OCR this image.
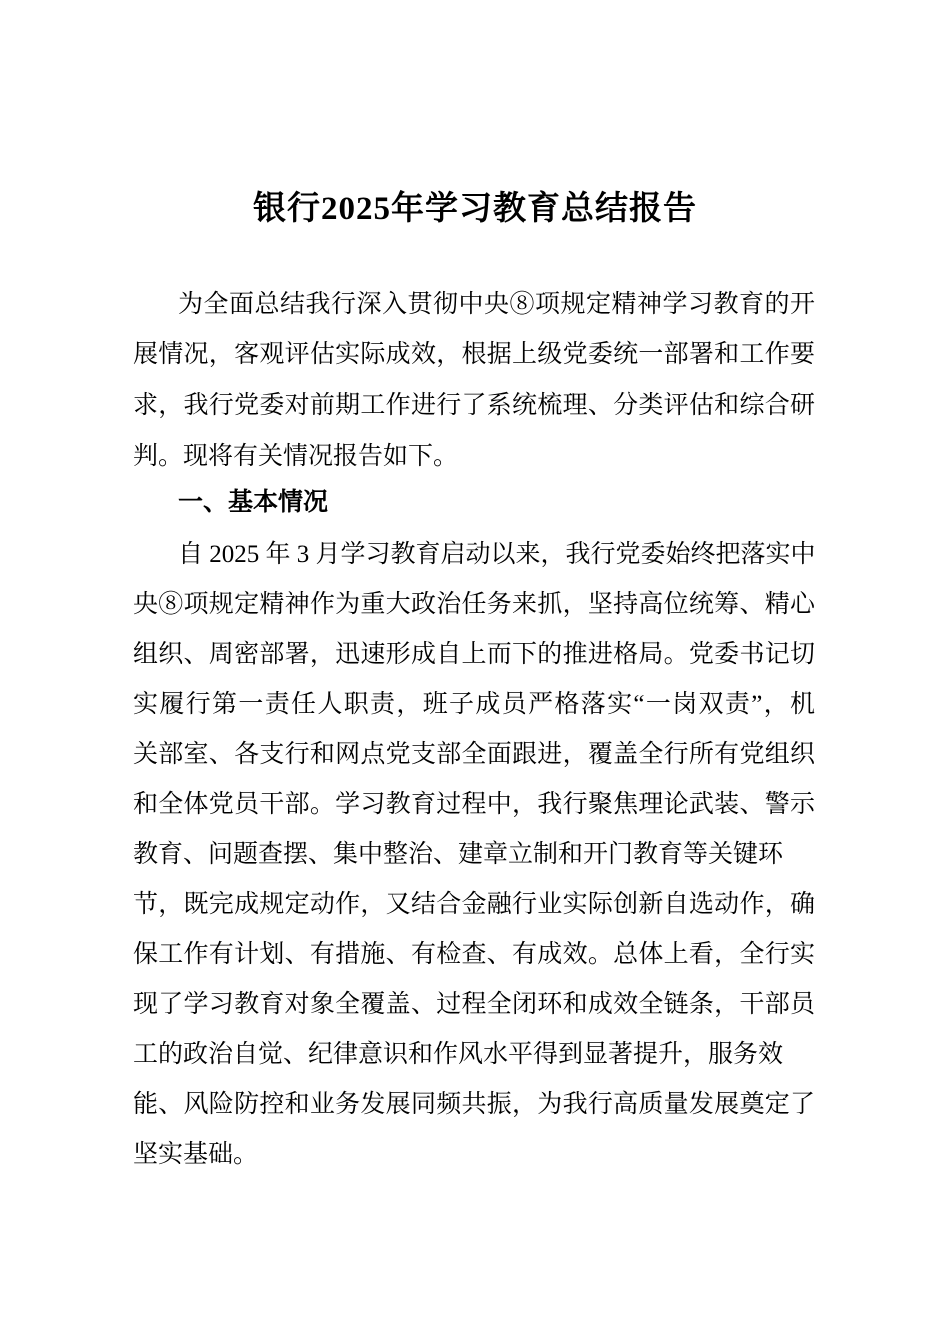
银行2025年学习教育总结报告
为全面总结我行深入贯彻中央⑧项规定精神学习教育的开
展情况，客观评估实际成效，根据上级党委统一部署和工作要
求，我行党委对前期工作进行了系统梳理、分类评估和综合研
判。现将有关情况报告如下。
一、基本情况
自 2025 年 3 月学习教育启动以来，我行党委始终把落实中
央⑧项规定精神作为重大政治任务来抓，坚持高位统筹、精心
组织、周密部署，迅速形成自上而下的推进格局。党委书记切
实履行第一责任人职责，班子成员严格落实“一岗双责”，机
关部室、各支行和网点党支部全面跟进，覆盖全行所有党组织
和全体党员干部。学习教育过程中，我行聚焦理论武装、警示
教育、问题查摆、集中整治、建章立制和开门教育等关键环
节，既完成规定动作，又结合金融行业实际创新自选动作，确
保工作有计划、有措施、有检查、有成效。总体上看，全行实
现了学习教育对象全覆盖、过程全闭环和成效全链条，干部员
工的政治自觉、纪律意识和作风水平得到显著提升，服务效
能、风险防控和业务发展同频共振，为我行高质量发展奠定了
坚实基础。
